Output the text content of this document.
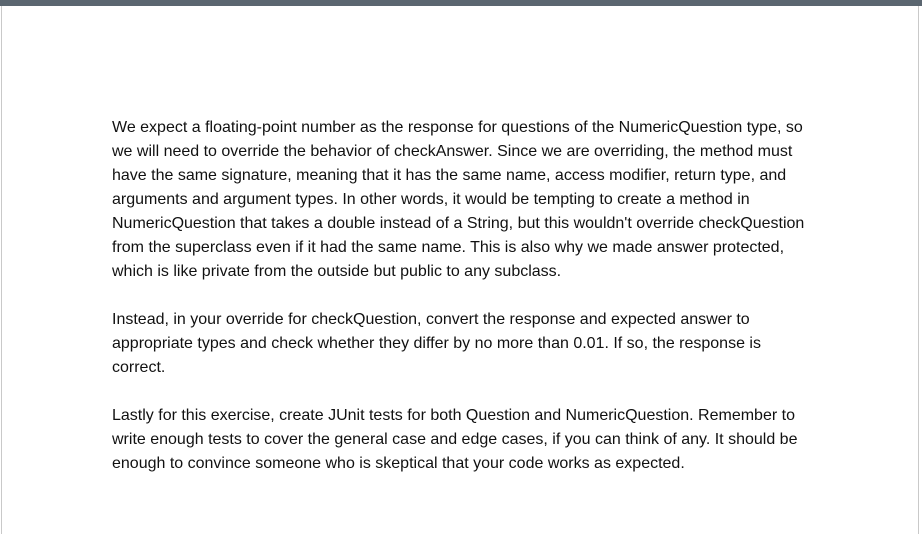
We expect a floating-point number as the response for questions of the NumericQuestion type, so we will need to override the behavior of checkAnswer. Since we are overriding, the method must have the same signature, meaning that it has the same name, access modifier, return type, and arguments and argument types. In other words, it would be tempting to create a method in NumericQuestion that takes a double instead of a String, but this wouldn't override checkQuestion from the superclass even if it had the same name. This is also why we made answer protected, which is like private from the outside but public to any subclass.

Instead, in your override for checkQuestion, convert the response and expected answer to appropriate types and check whether they differ by no more than 0.01. If so, the response is correct.

Lastly for this exercise, create JUnit tests for both Question and NumericQuestion. Remember to write enough tests to cover the general case and edge cases, if you can think of any. It should be enough to convince someone who is skeptical that your code works as expected.
